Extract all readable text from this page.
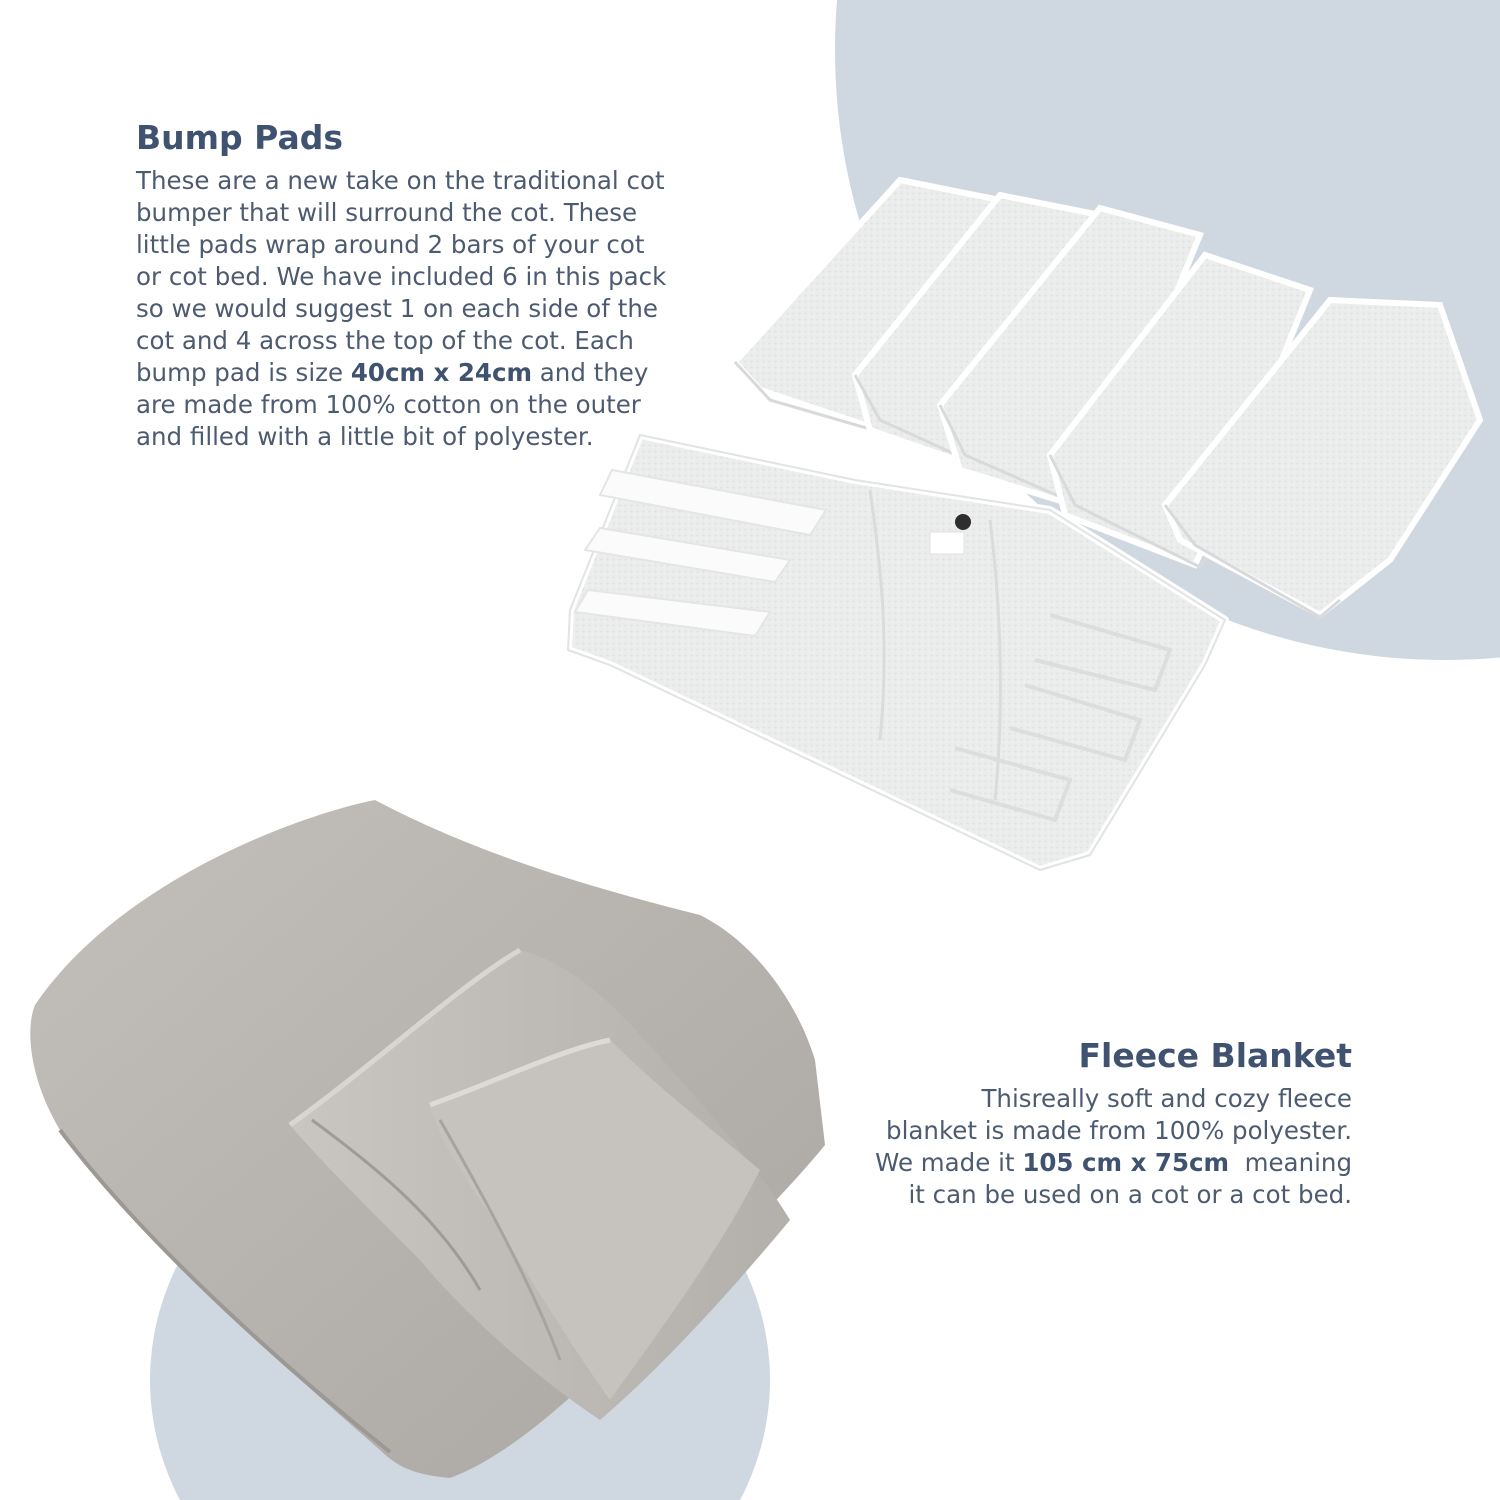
Bump Pads
These are a new take on the traditional cot
bumper that will surround the cot. These
little pads wrap around 2 bars of your cot
or cot bed. We have included 6 in this pack
so we would suggest 1 on each side of the
cot and 4 across the top of the cot. Each
bump pad is size 40cm x 24cm and they
are made from 100% cotton on the outer
and filled with a little bit of polyester.
Fleece Blanket
Thisreally soft and cozy fleece
blanket is made from 100% polyester.
We made it 105 cm x 75cm  meaning
it can be used on a cot or a cot bed.
